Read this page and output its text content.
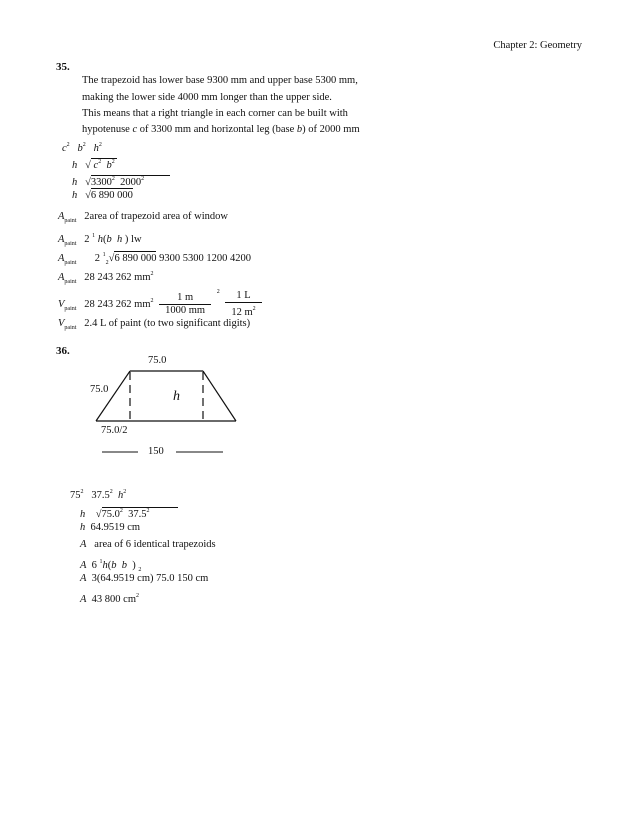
Chapter 2: Geometry
35.
The trapezoid has lower base 9300 mm and upper base 5300 mm,
making the lower side 4000 mm longer than the upper side.
This means that a right triangle in each corner can be built with
hypotenuse c of 3300 mm and horizontal leg (base b) of 2000 mm
$c^2$ $b^2$ $h^2$
h √ $c^2$ $b^2$
h √
3300$^2$ 2000$^2$
h √
6 890 000
$A_{paint}$ 2area of trapezoid area of window
$A_{paint}$ 2 $^1$ h(b h ) lw
$A_{paint}$ 2 $^1_2$√
6 890 000 9300 5300 1200 4200
$A_{paint}$ 28 243 262 $mm^2$
$V_{paint}$ 28 243 262 $mm^2 \frac{1 m}{1000 mm}$
$^2 \frac{1 L}{12 m^2}$
$V_{paint}$ 2.4 L of paint (to two significant digits)
36.
75.0
75.0	h
75.0/2
150
$75^2$ 37.5$^2$ $h^2$
h √
75.0$^2$ 37.5$^2$
h 64.9519 cm
A area of 6 identical trapezoids
A 6 $^1$h(b b ) $_2$
A 3(64.9519 cm) 75.0 150 cm
A 43 800 $cm^2$
